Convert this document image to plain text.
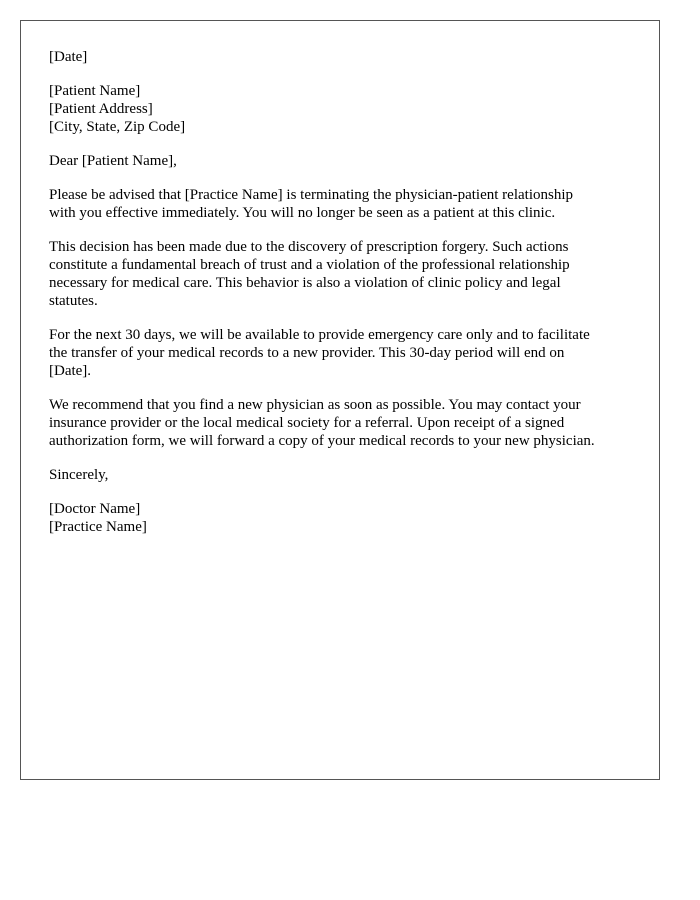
[Date]

[Patient Name]
[Patient Address]
[City, State, Zip Code]

Dear [Patient Name],

Please be advised that [Practice Name] is terminating the physician-patient relationship
with you effective immediately. You will no longer be seen as a patient at this clinic.

This decision has been made due to the discovery of prescription forgery. Such actions
constitute a fundamental breach of trust and a violation of the professional relationship
necessary for medical care. This behavior is also a violation of clinic policy and legal
statutes.

For the next 30 days, we will be available to provide emergency care only and to facilitate
the transfer of your medical records to a new provider. This 30-day period will end on
[Date].

We recommend that you find a new physician as soon as possible. You may contact your
insurance provider or the local medical society for a referral. Upon receipt of a signed
authorization form, we will forward a copy of your medical records to your new physician.

Sincerely,

[Doctor Name]
[Practice Name]
